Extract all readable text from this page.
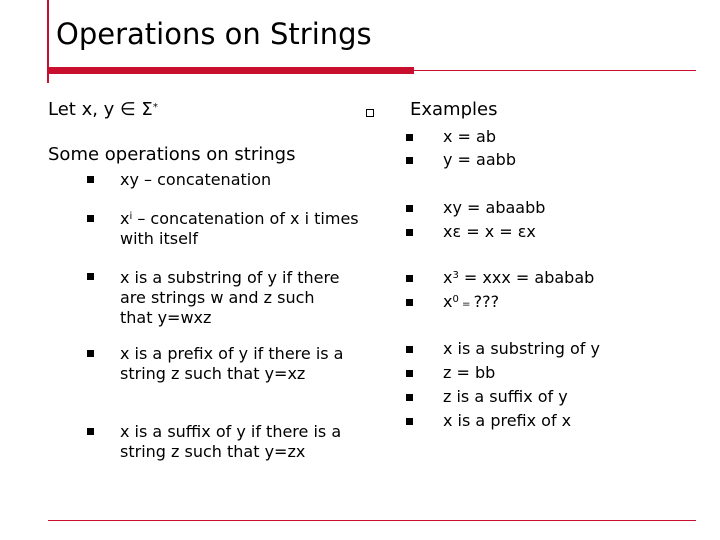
Operations on Strings
Let x, y ∈ Σ*
Some operations on strings
xy – concatenation
$x^i$ – concatenation of x i times with itself
x is a substring of y if there are strings w and z such that y=wxz
x is a prefix of y if there is a string z such that y=xz
x is a suffix of y if there is a string z such that y=zx
Examples
x = ab
y = aabb
xy = abaabb
xε = x = εx
$x^3$ = xxx = ababab
$x^0$ = ???
x is a substring of y
z = bb
z is a suffix of y
x is a prefix of x
